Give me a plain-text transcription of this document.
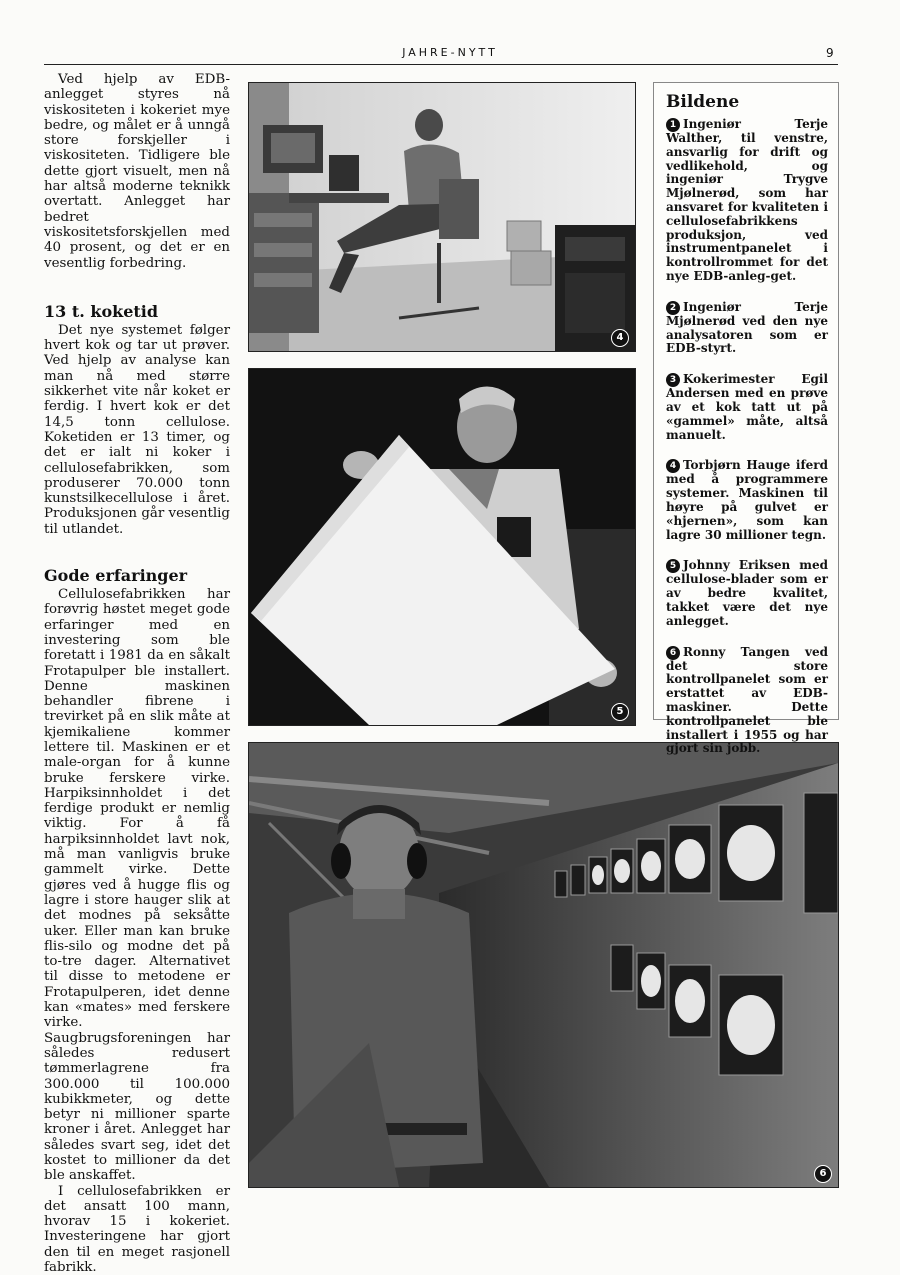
JAHRE-NYTT	9

Ved hjelp av EDB-anlegget styres nå viskositeten i kokeriet mye bedre, og målet er å unngå store forskjeller i viskositeten. Tidligere ble dette gjort visuelt, men nå har altså moderne teknikk overtatt. Anlegget har bedret viskositetsforskjellen med 40 prosent, og det er en vesentlig forbedring.

13 t. koketid

Det nye systemet følger hvert kok og tar ut prøver. Ved hjelp av analyse kan man nå med større sikkerhet vite når koket er ferdig. I hvert kok er det 14,5 tonn cellulose. Koketiden er 13 timer, og det er ialt ni koker i cellulosefabrikken, som produserer 70.000 tonn kunstsilkecellulose i året. Produksjonen går vesentlig til utlandet.

Gode erfaringer

Cellulosefabrikken har forøvrig høstet meget gode erfaringer med en investering som ble foretatt i 1981 da en såkalt Frotapulper ble installert. Denne maskinen behandler fibrene i trevirket på en slik måte at kjemikaliene kommer lettere til. Maskinen er et male-organ for å kunne bruke ferskere virke. Harpiksinnholdet i det ferdige produkt er nemlig viktig. For å få harpiksinnholdet lavt nok, må man vanligvis bruke gammelt virke. Dette gjøres ved å hugge flis og lagre i store hauger slik at det modnes på seksåtte uker. Eller man kan bruke flis-silo og modne det på to-tre dager. Alternativet til disse to metodene er Frotapulperen, idet denne kan «mates» med ferskere virke. Saugbrugsforeningen har således redusert tømmerlagrene fra 300.000 til 100.000 kubikkmeter, og dette betyr ni millioner sparte kroner i året. Anlegget har således svart seg, idet det kostet to millioner da det ble anskaffet.

I cellulosefabrikken er det ansatt 100 mann, hvorav 15 i kokeriet. Investeringene har gjort den til en meget rasjonell fabrikk.

4
5
6
Bildene

1 Ingeniør Terje Walther, til venstre, ansvarlig for drift og vedlikehold, og ingeniør Trygve Mjølnerød, som har ansvaret for kvaliteten i cellulosefabrikkens produksjon, ved instrumentpanelet i kontrollrommet for det nye EDB-anleg-get.

2 Ingeniør Terje Mjølnerød ved den nye analysatoren som er EDB-styrt.

3 Kokerimester Egil Andersen med en prøve av et kok tatt ut på «gammel» måte, altså manuelt.

4 Torbjørn Hauge iferd med å programmere systemer. Maskinen til høyre på gulvet er «hjernen», som kan lagre 30 millioner tegn.

5 Johnny Eriksen med cellulose-blader som er av bedre kvalitet, takket være det nye anlegget.

6 Ronny Tangen ved det store kontrollpanelet som er erstattet av EDB-maskiner. Dette kontrollpanelet ble installert i 1955 og har gjort sin jobb.
